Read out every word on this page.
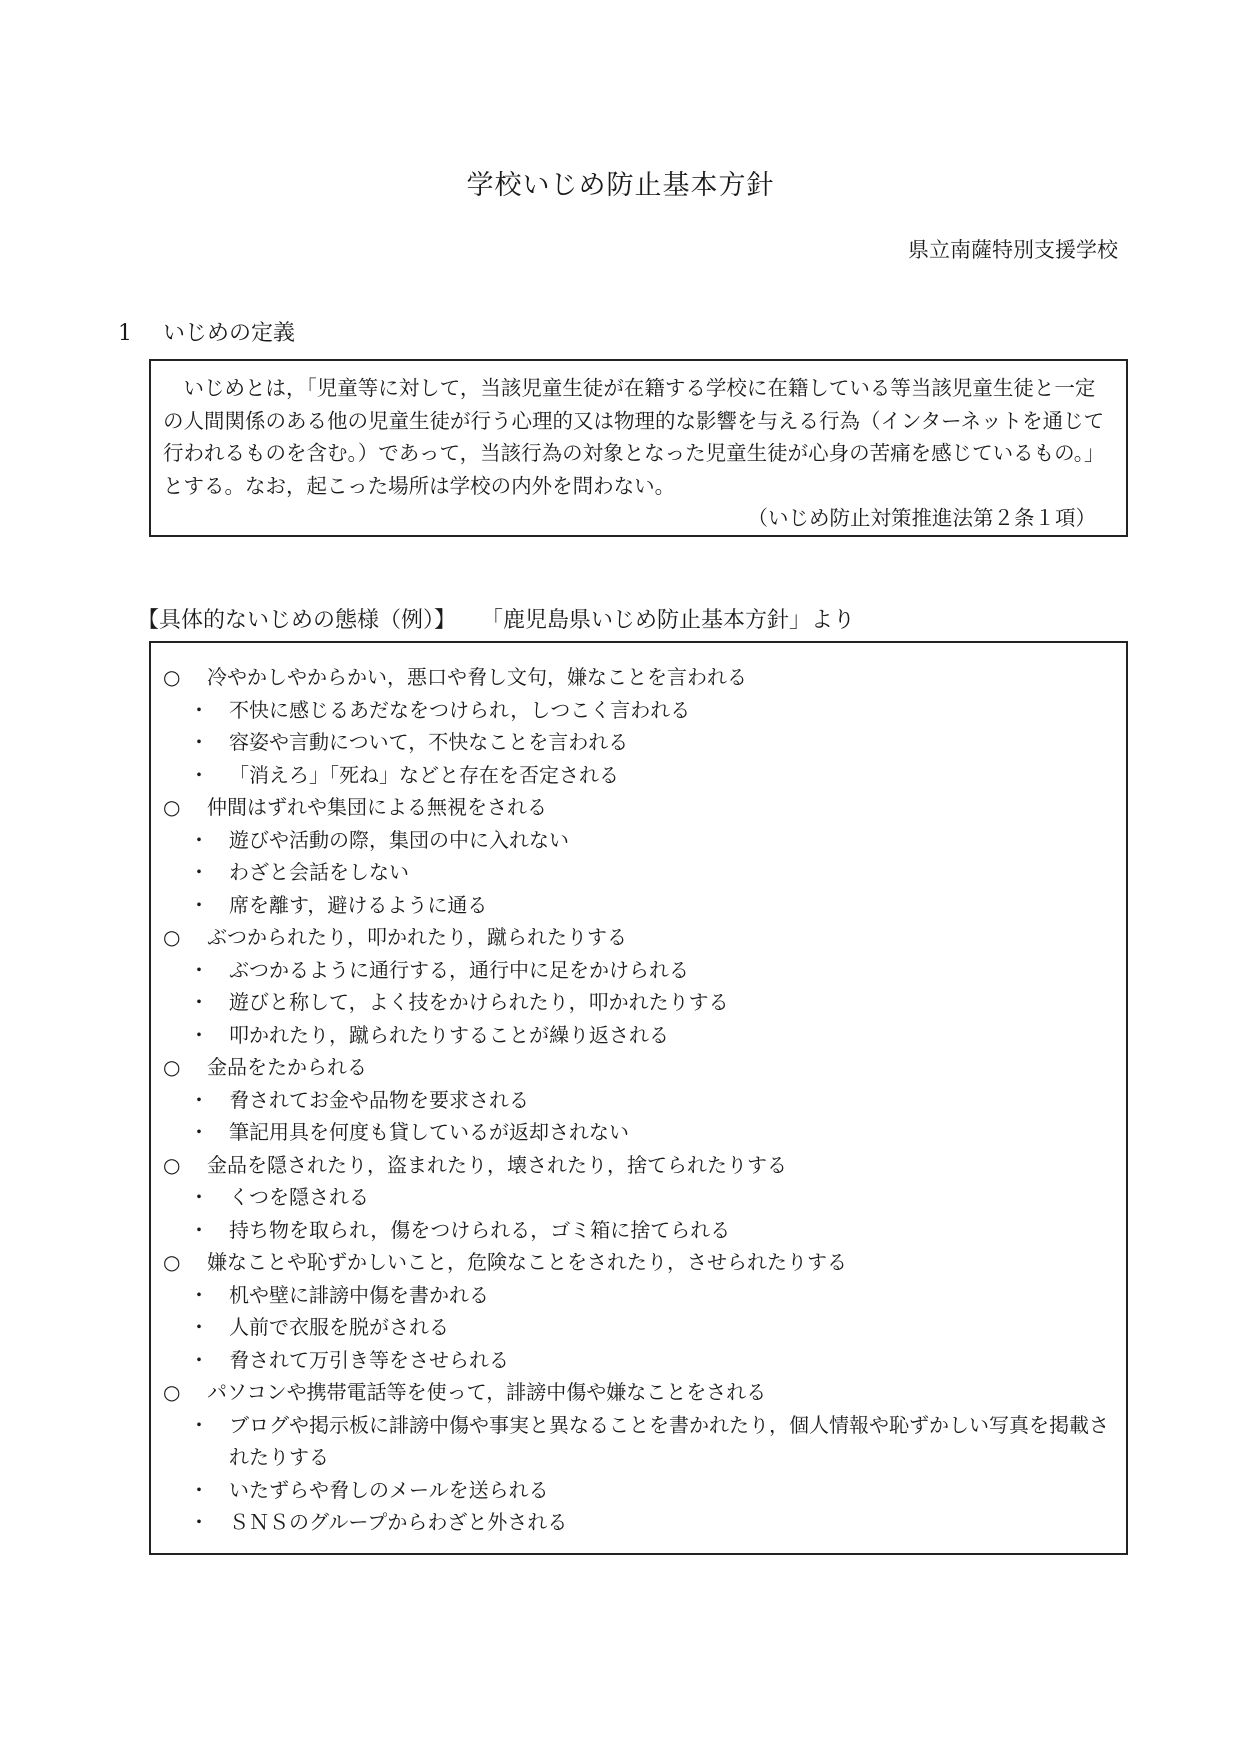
学校いじめ防止基本方針
県立南薩特別支援学校
1 いじめの定義

いじめとは，「児童等に対して，当該児童生徒が在籍する学校に在籍している等当該児童生徒と一定の人間関係のある他の児童生徒が行う心理的又は物理的な影響を与える行為（インターネットを通じて行われるものを含む。）であって，当該行為の対象となった児童生徒が心身の苦痛を感じているもの。」とする。なお，起こった場所は学校の内外を問わない。

（いじめ防止対策推進法第２条１項）

【具体的ないじめの態様（例）】 「鹿児島県いじめ防止基本方針」より
○	冷やかしやからかい，悪口や脅し文句，嫌なことを言われる
・	不快に感じるあだなをつけられ，しつこく言われる
・	容姿や言動について，不快なことを言われる
・	「消えろ」「死ね」などと存在を否定される
○	仲間はずれや集団による無視をされる
・	遊びや活動の際，集団の中に入れない
・	わざと会話をしない
・	席を離す，避けるように通る
○	ぶつかられたり，叩かれたり，蹴られたりする
・	ぶつかるように通行する，通行中に足をかけられる
・	遊びと称して，よく技をかけられたり，叩かれたりする
・	叩かれたり，蹴られたりすることが繰り返される
○	金品をたかられる
・	脅されてお金や品物を要求される
・	筆記用具を何度も貸しているが返却されない
○	金品を隠されたり，盗まれたり，壊されたり，捨てられたりする
・	くつを隠される
・	持ち物を取られ，傷をつけられる，ゴミ箱に捨てられる
○	嫌なことや恥ずかしいこと，危険なことをされたり，させられたりする
・	机や壁に誹謗中傷を書かれる
・	人前で衣服を脱がされる
・	脅されて万引き等をさせられる
○	パソコンや携帯電話等を使って，誹謗中傷や嫌なことをされる
・	ブログや掲示板に誹謗中傷や事実と異なることを書かれたり，個人情報や恥ずかしい写真を掲載されたりする
・	いたずらや脅しのメールを送られる
・	ＳＮＳのグループからわざと外される
